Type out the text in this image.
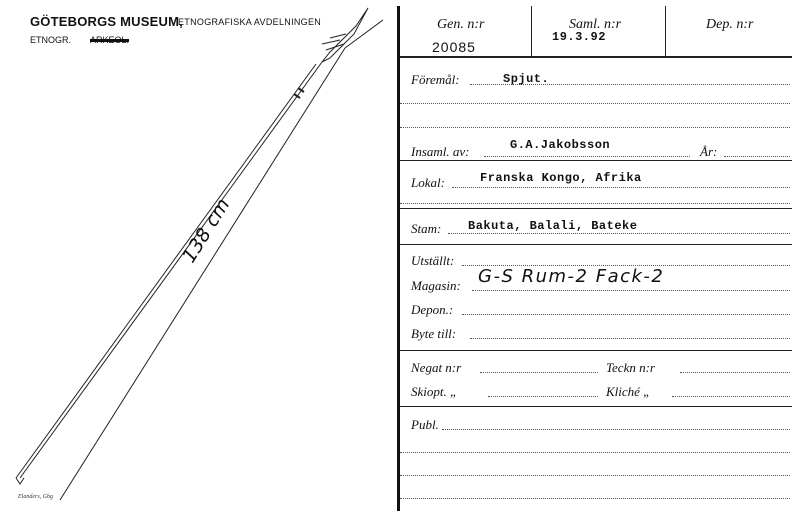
GÖTEBORGS MUSEUM,
ETNOGRAFISKA AVDELNINGEN
ETNOGR. ARKEOL.
138 cm
Elanders, Gbg
Gen. n:r
20085
Saml. n:r
19.3.92
Dep. n:r
Föremål:	Spjut.
Insaml. av:	G.A.Jakobsson	År:
Lokal:	Franska Kongo, Afrika
Stam: Bakuta, Balali, Bateke
Utställt:
Magasin: G-S Rum-2 Fack-2
Depon.:
Byte till:
Negat n:r	Teckn n:r
Skiopt. „	Kliché „
Publ.
